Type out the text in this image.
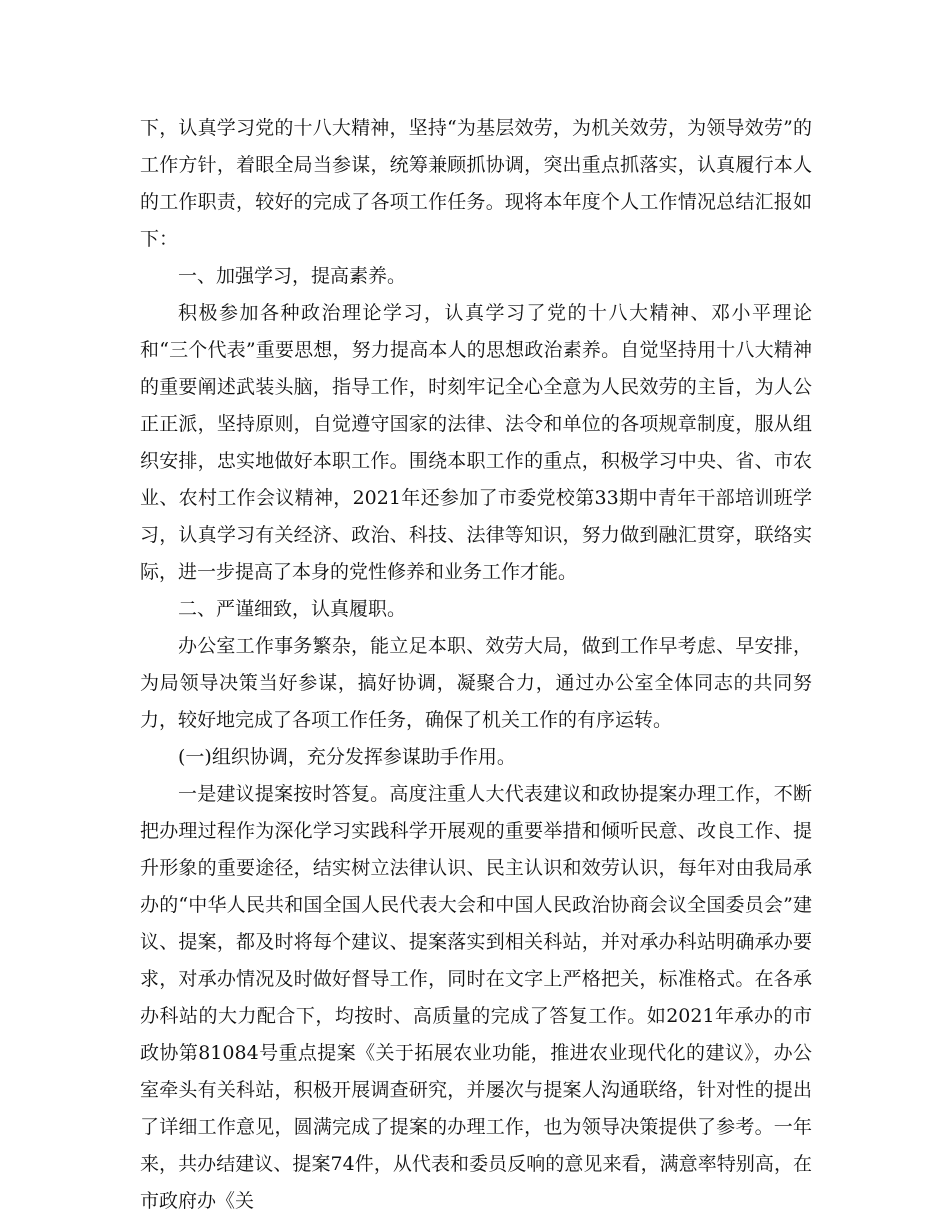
下，认真学习党的十八大精神，坚持“为基层效劳，为机关效劳，为领导效劳”的工作方针，着眼全局当参谋，统筹兼顾抓协调，突出重点抓落实，认真履行本人的工作职责，较好的完成了各项工作任务。现将本年度个人工作情况总结汇报如下：

一、加强学习，提高素养。

积极参加各种政治理论学习，认真学习了党的十八大精神、邓小平理论和“三个代表”重要思想，努力提高本人的思想政治素养。自觉坚持用十八大精神的重要阐述武装头脑，指导工作，时刻牢记全心全意为人民效劳的主旨，为人公正正派，坚持原则，自觉遵守国家的法律、法令和单位的各项规章制度，服从组织安排，忠实地做好本职工作。围绕本职工作的重点，积极学习中央、省、市农业、农村工作会议精神，2021年还参加了市委党校第33期中青年干部培训班学习，认真学习有关经济、政治、科技、法律等知识，努力做到融汇贯穿，联络实际，进一步提高了本身的党性修养和业务工作才能。

二、严谨细致，认真履职。

办公室工作事务繁杂，能立足本职、效劳大局，做到工作早考虑、早安排，为局领导决策当好参谋，搞好协调，凝聚合力，通过办公室全体同志的共同努力，较好地完成了各项工作任务，确保了机关工作的有序运转。

(一)组织协调，充分发挥参谋助手作用。

一是建议提案按时答复。高度注重人大代表建议和政协提案办理工作，不断把办理过程作为深化学习实践科学开展观的重要举措和倾听民意、改良工作、提升形象的重要途径，结实树立法律认识、民主认识和效劳认识，每年对由我局承办的“中华人民共和国全国人民代表大会和中国人民政治协商会议全国委员会”建议、提案，都及时将每个建议、提案落实到相关科站，并对承办科站明确承办要求，对承办情况及时做好督导工作，同时在文字上严格把关，标准格式。在各承办科站的大力配合下，均按时、高质量的完成了答复工作。如2021年承办的市政协第81084号重点提案《关于拓展农业功能，推进农业现代化的建议》，办公室牵头有关科站，积极开展调查研究，并屡次与提案人沟通联络，针对性的提出了详细工作意见，圆满完成了提案的办理工作，也为领导决策提供了参考。一年来，共办结建议、提案74件，从代表和委员反响的意见来看，满意率特别高，在市政府办《关
